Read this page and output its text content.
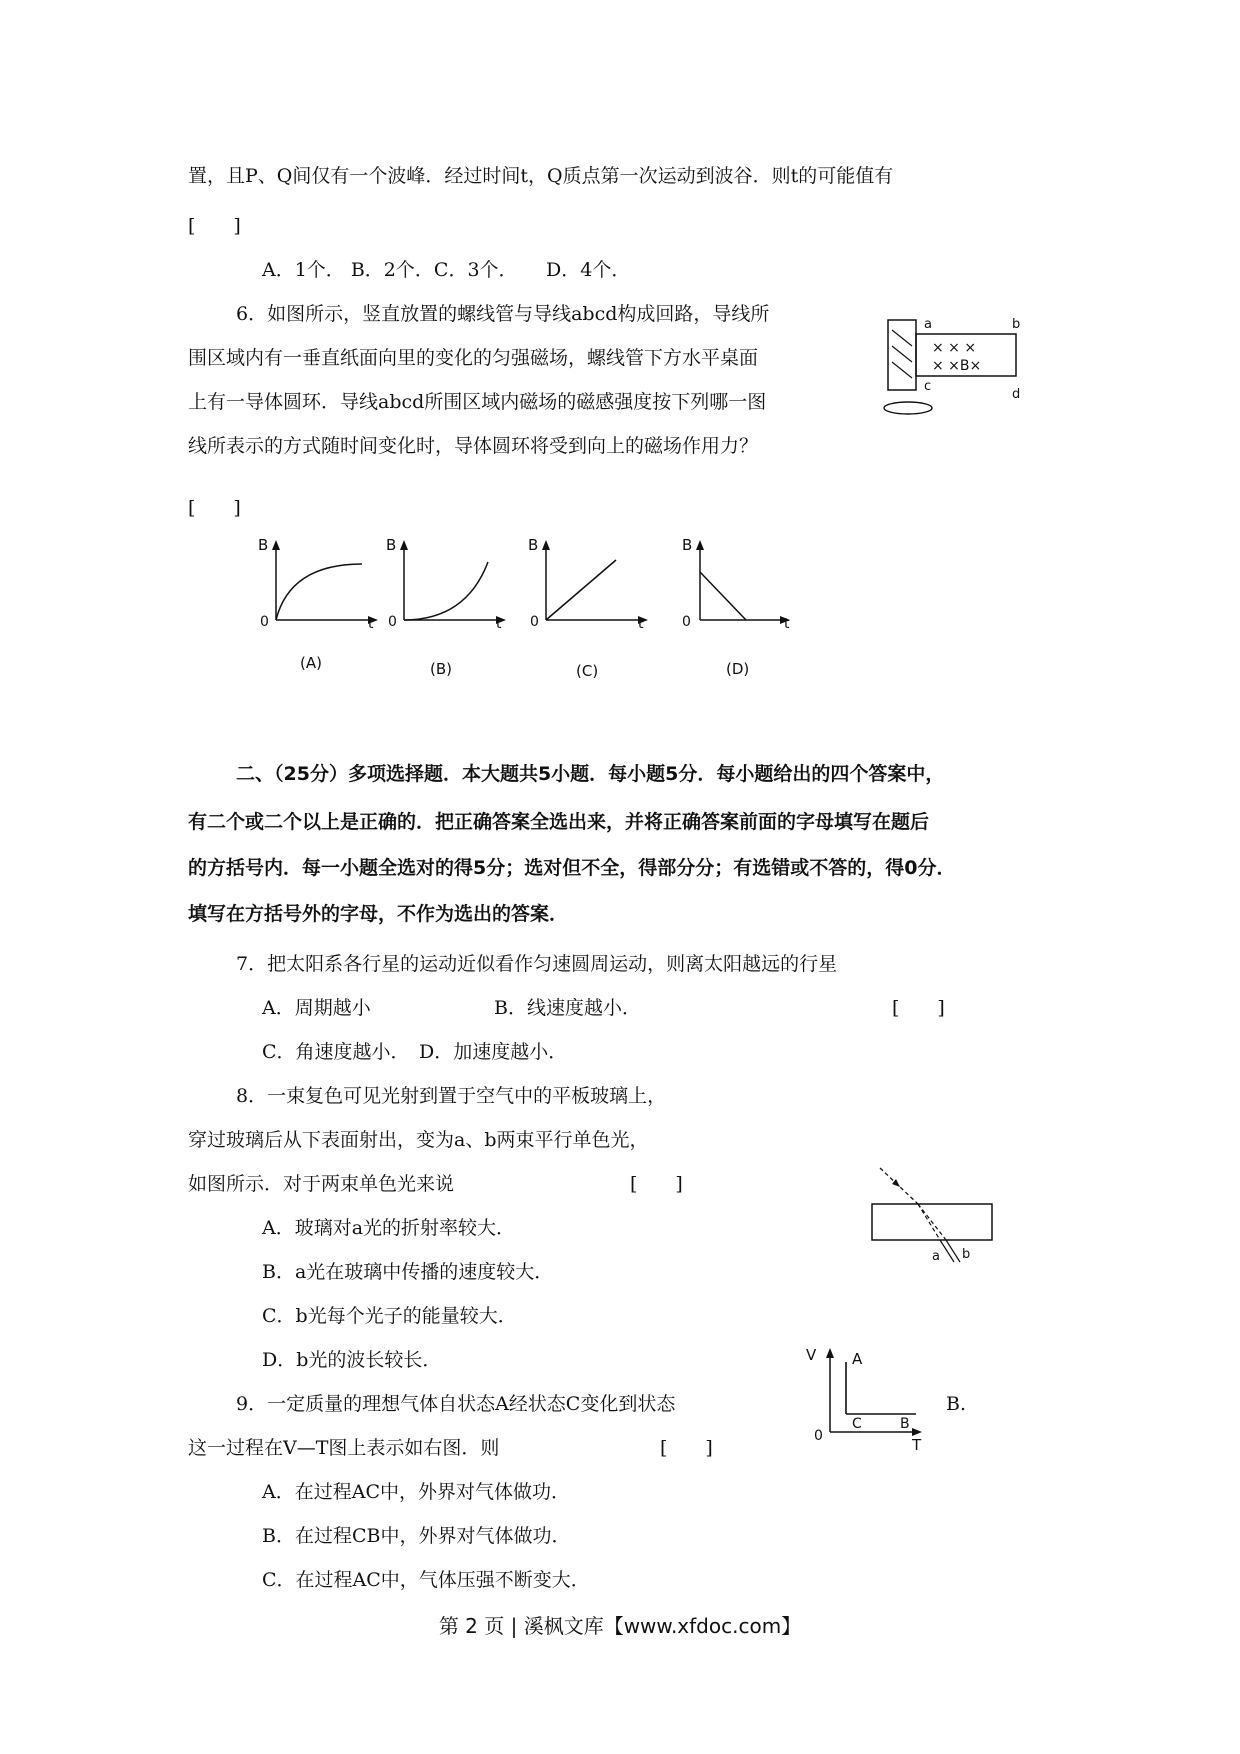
置，且P、Q间仅有一个波峰．经过时间t，Q质点第一次运动到波谷．则t的可能值有
[　　]
A．1个． B．2个．C．3个．　　D．4个．
6．如图所示，竖直放置的螺线管与导线abcd构成回路，导线所
围区域内有一垂直纸面向里的变化的匀强磁场，螺线管下方水平桌面
上有一导体圆环．导线abcd所围区域内磁场的磁感强度按下列哪一图
线所表示的方式随时间变化时，导体圆环将受到向上的磁场作用力？
[　　]
a	b
c
d
× × ×
× ×B×
B
0	t
(A)
B
0	t
(B)
B
0	t
(C)
B
0	t
(D)
二、（25分）多项选择题．本大题共5小题．每小题5分．每小题给出的四个答案中，
有二个或二个以上是正确的．把正确答案全选出来，并将正确答案前面的字母填写在题后
的方括号内．每一小题全选对的得5分；选对但不全，得部分分；有选错或不答的，得0分．
填写在方括号外的字母，不作为选出的答案．
7．把太阳系各行星的运动近似看作匀速圆周运动，则离太阳越远的行星
A．周期越小	B．线速度越小．	[　　]
C．角速度越小．　D．加速度越小．
8．一束复色可见光射到置于空气中的平板玻璃上，
穿过玻璃后从下表面射出，变为a、b两束平行单色光，
如图所示．对于两束单色光来说	[　　]
A．玻璃对a光的折射率较大．
B．a光在玻璃中传播的速度较大．
C．b光每个光子的能量较大．
D．b光的波长较长．
a b
9．一定质量的理想气体自状态A经状态C变化到状态	B.
这一过程在V—T图上表示如右图．则	[　　]
A．在过程AC中，外界对气体做功．
B．在过程CB中，外界对气体做功．
C．在过程AC中，气体压强不断变大．
V A
0
C	B
T
第 2 页 | 溪枫文库【www.xfdoc.com】
